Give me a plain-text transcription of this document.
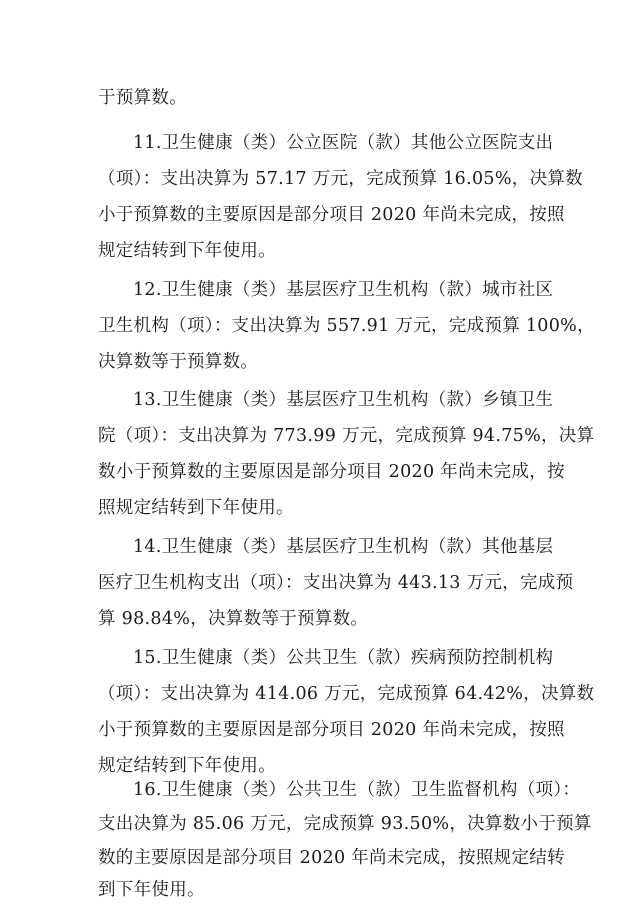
于预算数。

11.卫生健康（类）公立医院（款）其他公立医院支出

（项）：支出决算为 57.17 万元，完成预算 16.05%，决算数

小于预算数的主要原因是部分项目 2020 年尚未完成，按照

规定结转到下年使用。

12.卫生健康（类）基层医疗卫生机构（款）城市社区

卫生机构（项）：支出决算为 557.91 万元，完成预算 100%，

决算数等于预算数。

13.卫生健康（类）基层医疗卫生机构（款）乡镇卫生

院（项）：支出决算为 773.99 万元，完成预算 94.75%，决算

数小于预算数的主要原因是部分项目 2020 年尚未完成，按

照规定结转到下年使用。

14.卫生健康（类）基层医疗卫生机构（款）其他基层

医疗卫生机构支出（项）：支出决算为 443.13 万元，完成预

算 98.84%，决算数等于预算数。

15.卫生健康（类）公共卫生（款）疾病预防控制机构

（项）：支出决算为 414.06 万元，完成预算 64.42%，决算数

小于预算数的主要原因是部分项目 2020 年尚未完成，按照

规定结转到下年使用。

16.卫生健康（类）公共卫生（款）卫生监督机构（项）：

支出决算为 85.06 万元，完成预算 93.50%，决算数小于预算

数的主要原因是部分项目 2020 年尚未完成，按照规定结转

到下年使用。
